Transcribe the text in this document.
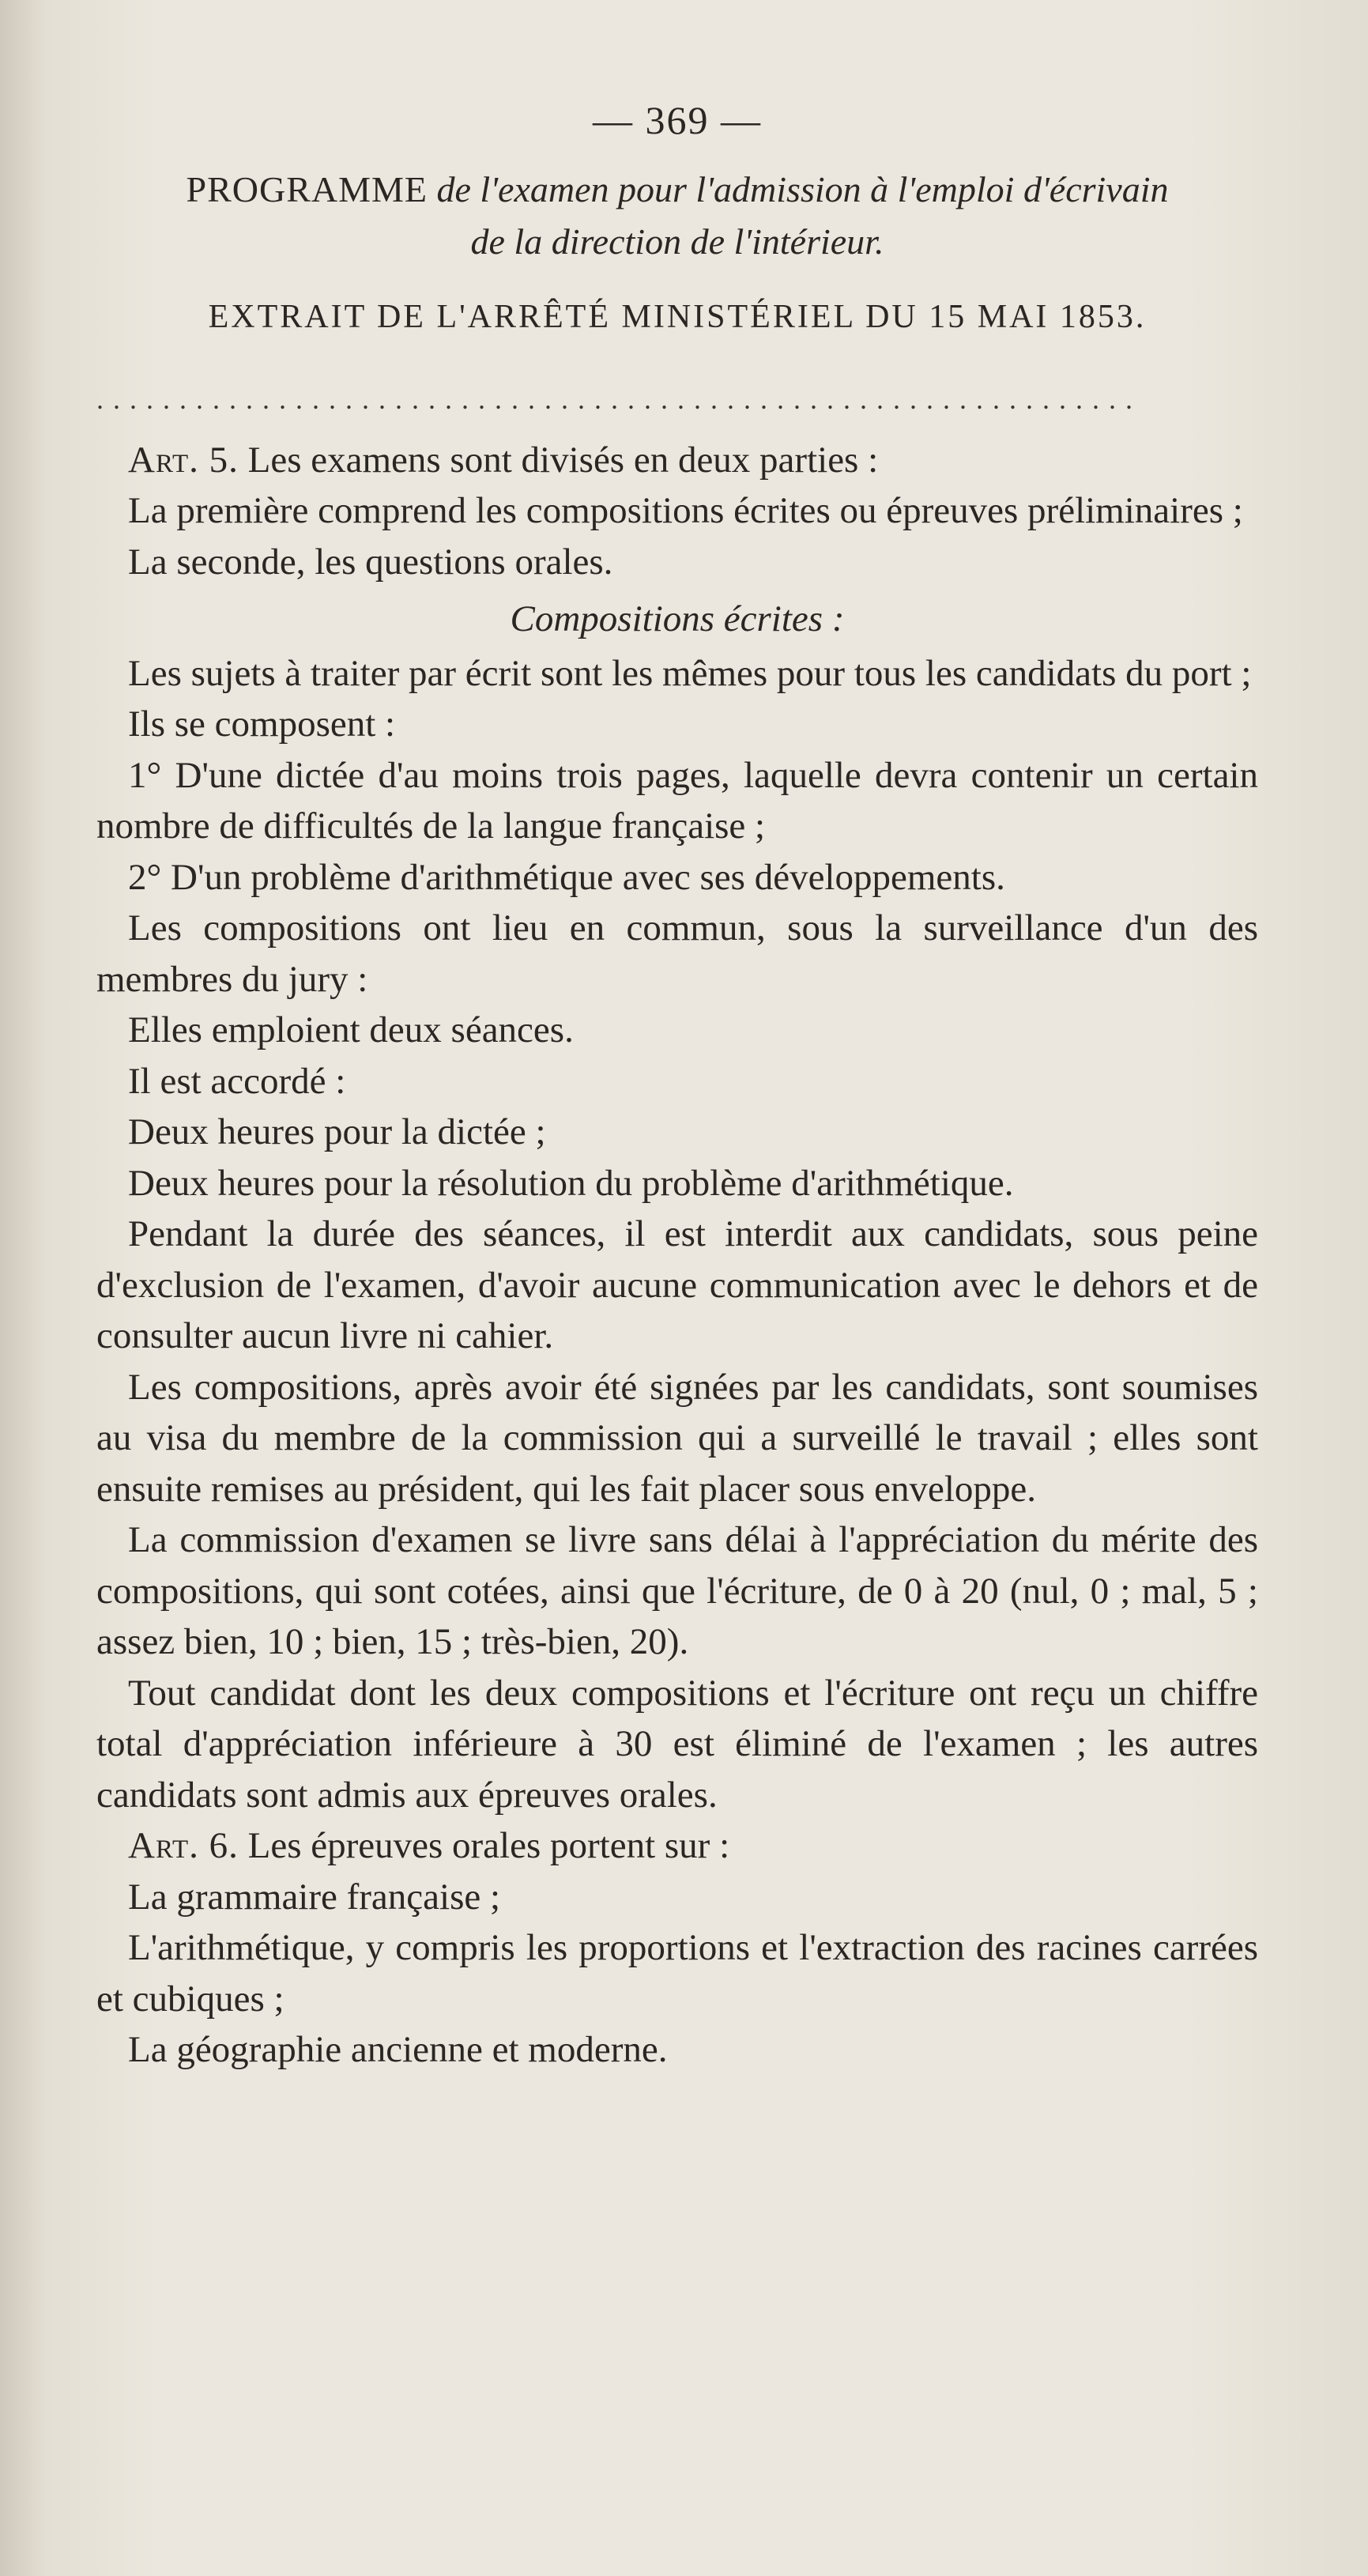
— 369 —
PROGRAMME de l'examen pour l'admission à l'emploi d'écrivain
de la direction de l'intérieur.
EXTRAIT DE L'ARRÊTÉ MINISTÉRIEL DU 15 MAI 1853.
...............................................................

Art. 5. Les examens sont divisés en deux parties :

La première comprend les compositions écrites ou épreuves préliminaires ;

La seconde, les questions orales.

Compositions écrites :

Les sujets à traiter par écrit sont les mêmes pour tous les candidats du port ;

Ils se composent :

1° D'une dictée d'au moins trois pages, laquelle devra contenir un certain nombre de difficultés de la langue française ;

2° D'un problème d'arithmétique avec ses développements.

Les compositions ont lieu en commun, sous la surveillance d'un des membres du jury :

Elles emploient deux séances.

Il est accordé :

Deux heures pour la dictée ;

Deux heures pour la résolution du problème d'arithmétique.

Pendant la durée des séances, il est interdit aux candidats, sous peine d'exclusion de l'examen, d'avoir aucune communication avec le dehors et de consulter aucun livre ni cahier.

Les compositions, après avoir été signées par les candidats, sont soumises au visa du membre de la commission qui a surveillé le travail ; elles sont ensuite remises au président, qui les fait placer sous enveloppe.

La commission d'examen se livre sans délai à l'appréciation du mérite des compositions, qui sont cotées, ainsi que l'écriture, de 0 à 20 (nul, 0 ; mal, 5 ; assez bien, 10 ; bien, 15 ; très-bien, 20).

Tout candidat dont les deux compositions et l'écriture ont reçu un chiffre total d'appréciation inférieure à 30 est éliminé de l'examen ; les autres candidats sont admis aux épreuves orales.

Art. 6. Les épreuves orales portent sur :

La grammaire française ;

L'arithmétique, y compris les proportions et l'extraction des racines carrées et cubiques ;

La géographie ancienne et moderne.
